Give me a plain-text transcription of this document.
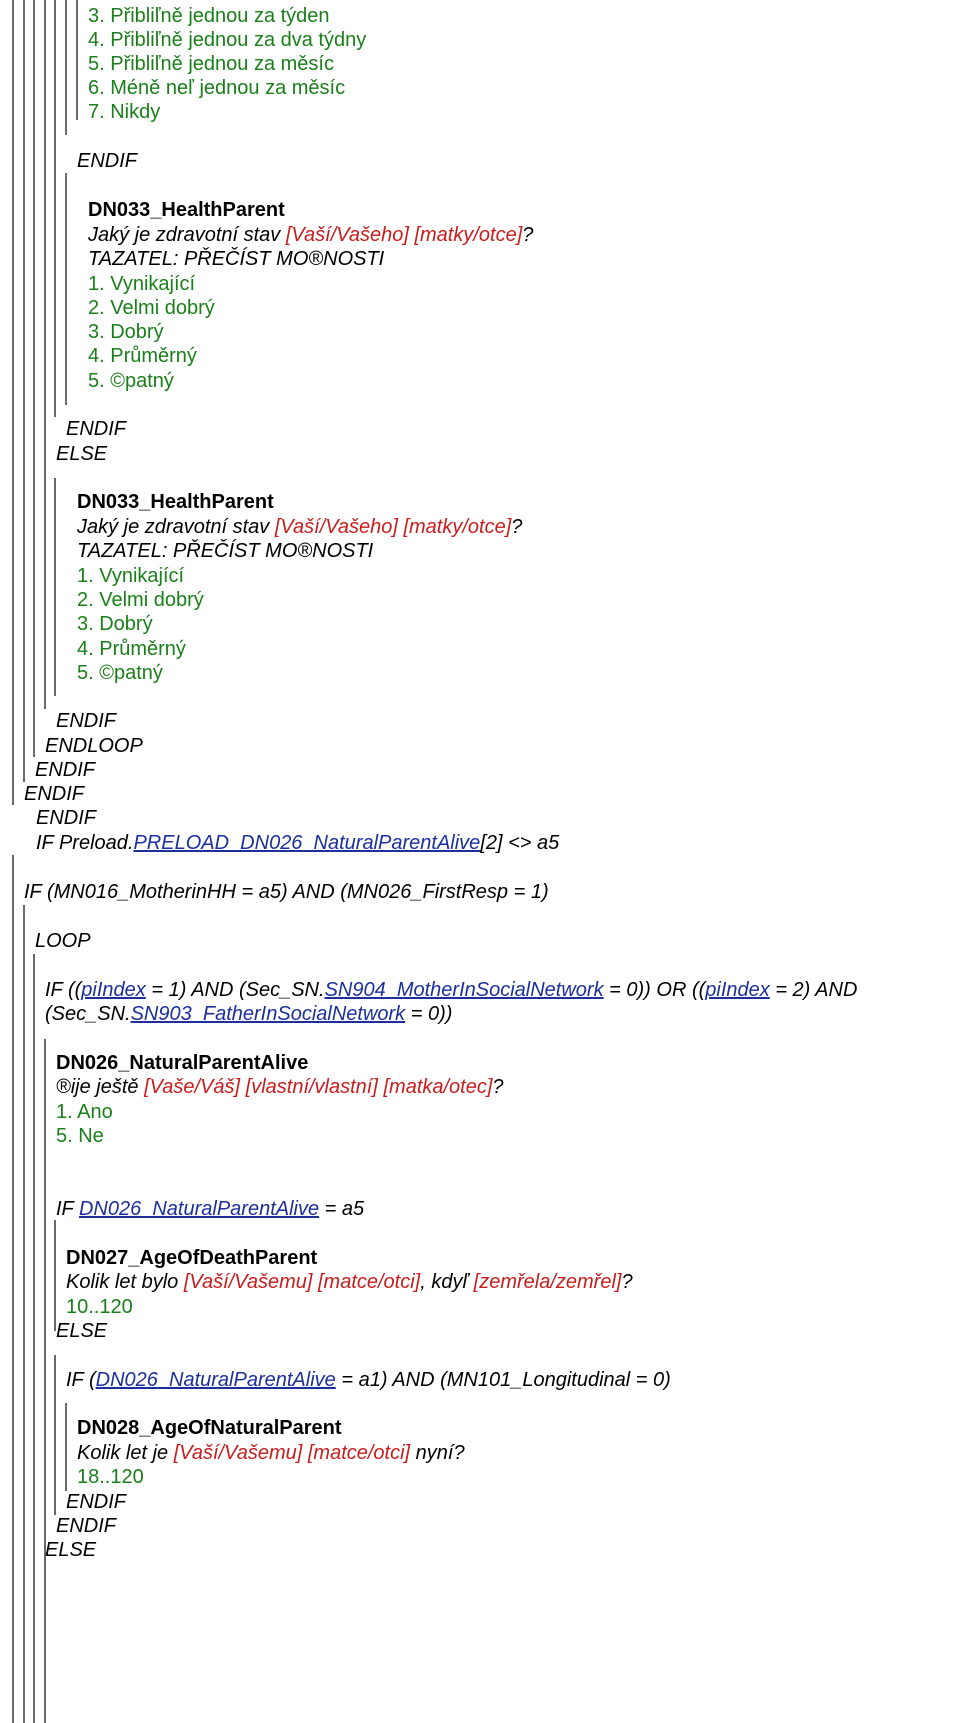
3. Přibliľně jednou za týden
4. Přibliľně jednou za dva týdny
5. Přibliľně jednou za měsíc
6. Méně neľ jednou za měsíc
7. Nikdy
ENDIF
DN033_HealthParent
Jaký je zdravotní stav [Vaší/Vašeho] [matky/otce]?
TAZATEL: PŘEČÍST MO®NOSTI
1. Vynikající
2. Velmi dobrý
3. Dobrý
4. Průměrný
5. ©patný
ENDIF
ELSE
DN033_HealthParent
Jaký je zdravotní stav [Vaší/Vašeho] [matky/otce]?
TAZATEL: PŘEČÍST MO®NOSTI
1. Vynikající
2. Velmi dobrý
3. Dobrý
4. Průměrný
5. ©patný
ENDIF
ENDLOOP
ENDIF
ENDIF
ENDIF
IF Preload.PRELOAD_DN026_NaturalParentAlive[2] <> a5
IF (MN016_MotherinHH = a5) AND (MN026_FirstResp = 1)
LOOP
IF ((piIndex = 1) AND (Sec_SN.SN904_MotherInSocialNetwork = 0)) OR ((piIndex = 2) AND
(Sec_SN.SN903_FatherInSocialNetwork = 0))
DN026_NaturalParentAlive
®ije ještě [Vaše/Váš] [vlastní/vlastní] [matka/otec]?
1. Ano
5. Ne
IF DN026_NaturalParentAlive = a5
DN027_AgeOfDeathParent
Kolik let bylo [Vaší/Vašemu] [matce/otci], kdyľ [zemřela/zemřel]?
10..120
ELSE
IF (DN026_NaturalParentAlive = a1) AND (MN101_Longitudinal = 0)
DN028_AgeOfNaturalParent
Kolik let je [Vaší/Vašemu] [matce/otci] nyní?
18..120
ENDIF
ENDIF
ELSE
